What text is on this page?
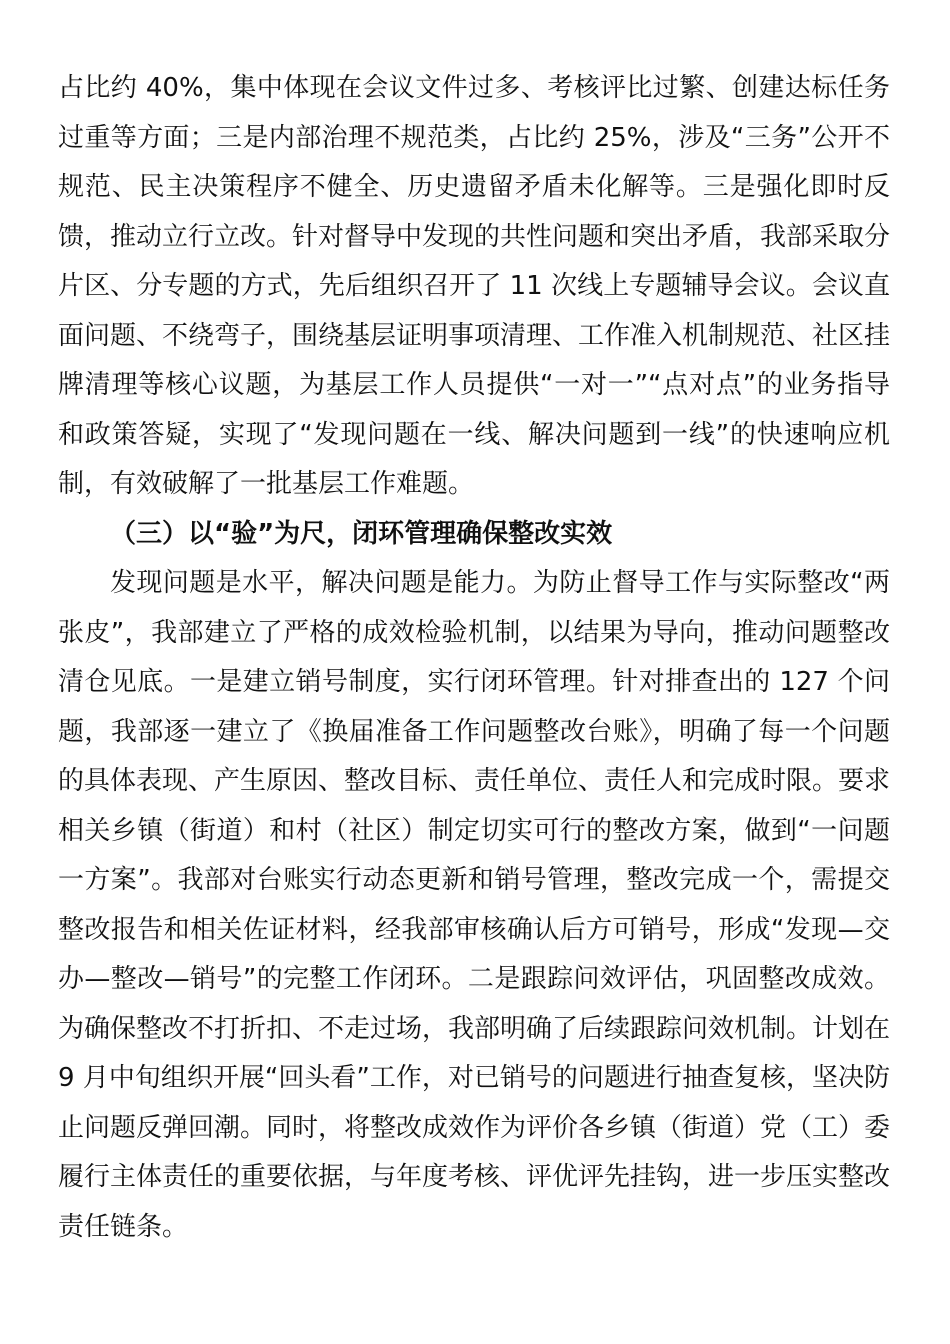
占比约 40%，集中体现在会议文件过多、考核评比过繁、创建达标任务过重等方面；三是内部治理不规范类，占比约 25%，涉及“三务”公开不规范、民主决策程序不健全、历史遗留矛盾未化解等。三是强化即时反馈，推动立行立改。针对督导中发现的共性问题和突出矛盾，我部采取分片区、分专题的方式，先后组织召开了 11 次线上专题辅导会议。会议直面问题、不绕弯子，围绕基层证明事项清理、工作准入机制规范、社区挂牌清理等核心议题，为基层工作人员提供“一对一”“点对点”的业务指导和政策答疑，实现了“发现问题在一线、解决问题到一线”的快速响应机制，有效破解了一批基层工作难题。

（三）以“验”为尺，闭环管理确保整改实效

发现问题是水平，解决问题是能力。为防止督导工作与实际整改“两张皮”，我部建立了严格的成效检验机制，以结果为导向，推动问题整改清仓见底。一是建立销号制度，实行闭环管理。针对排查出的 127 个问题，我部逐一建立了《换届准备工作问题整改台账》，明确了每一个问题的具体表现、产生原因、整改目标、责任单位、责任人和完成时限。要求相关乡镇（街道）和村（社区）制定切实可行的整改方案，做到“一问题一方案”。我部对台账实行动态更新和销号管理，整改完成一个，需提交整改报告和相关佐证材料，经我部审核确认后方可销号，形成“发现—交办—整改—销号”的完整工作闭环。二是跟踪问效评估，巩固整改成效。为确保整改不打折扣、不走过场，我部明确了后续跟踪问效机制。计划在 9 月中旬组织开展“回头看”工作，对已销号的问题进行抽查复核，坚决防止问题反弹回潮。同时，将整改成效作为评价各乡镇（街道）党（工）委履行主体责任的重要依据，与年度考核、评优评先挂钩，进一步压实整改责任链条。
